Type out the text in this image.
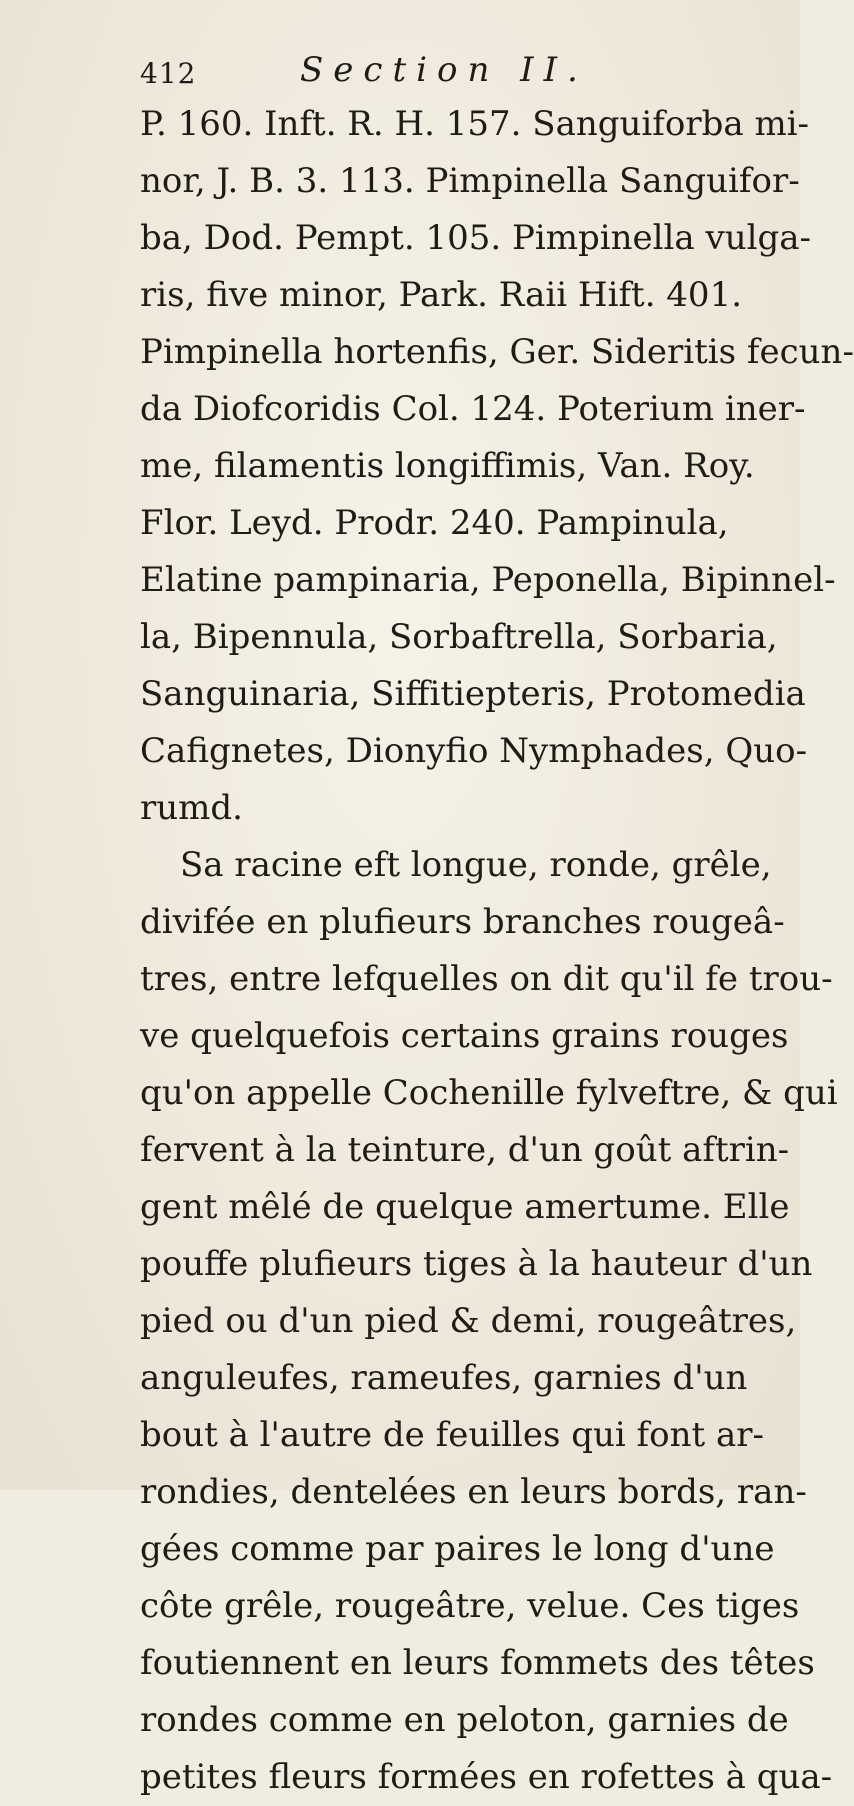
412	Section II.
P. 160. Inft. R. H. 157. Sanguiforba mi-
nor, J. B. 3. 113. Pimpinella Sanguifor-
ba, Dod. Pempt. 105. Pimpinella vulga-
ris, five minor, Park. Raii Hift. 401.
Pimpinella hortenfis, Ger. Sideritis fecun-
da Diofcoridis Col. 124. Poterium iner-
me, filamentis longiffimis, Van. Roy.
Flor. Leyd. Prodr. 240. Pampinula,
Elatine pampinaria, Peponella, Bipinnel-
la, Bipennula, Sorbaftrella, Sorbaria,
Sanguinaria, Siffitiepteris, Protomedia
Cafignetes, Dionyfio Nymphades, Quo-
rumd.
Sa racine eft longue, ronde, grêle,
divifée en plufieurs branches rougeâ-
tres, entre lefquelles on dit qu'il fe trou-
ve quelquefois certains grains rouges
qu'on appelle Cochenille fylveftre, & qui
fervent à la teinture, d'un goût aftrin-
gent mêlé de quelque amertume. Elle
pouffe plufieurs tiges à la hauteur d'un
pied ou d'un pied & demi, rougeâtres,
anguleufes, rameufes, garnies d'un
bout à l'autre de feuilles qui font ar-
rondies, dentelées en leurs bords, ran-
gées comme par paires le long d'une
côte grêle, rougeâtre, velue. Ces tiges
foutiennent en leurs fommets des têtes
rondes comme en peloton, garnies de
petites fleurs formées en rofettes à qua-
